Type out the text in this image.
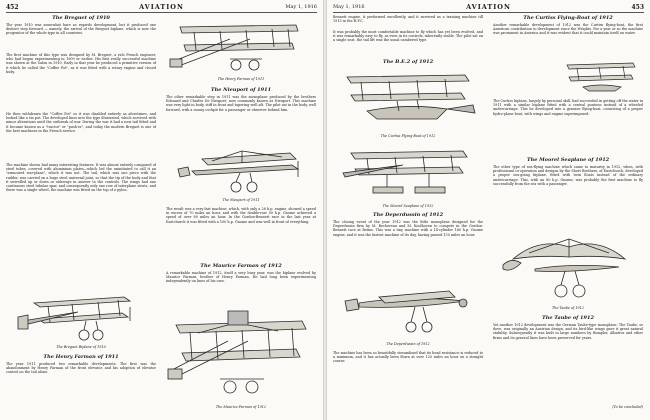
452	AVIATION	May 1, 1916
The Breguet of 1910

The year 1910 was somewhat bare as regards development, but it produced one distinct step forward — namely, the arrival of the Breguet biplane, which is now the progenitor of the whole type in all countries.

The first machine of this type was designed by M. Breguet, a rich French engineer, who had begun experimenting in 1909 or earlier. His first really successful machine was shown at the Salon in 1910. Early in that year he produced a primitive version of it which he called the "Coffee Pot", as it was fitted with a rotary engine and closed body.

He then withdrawn the "Coffee Pot" so it was disabled entirely as aforetimes, and looked like a tin pot. The developed lines into the type illustrated, which survived with minor alterations until the outbreak of war. During the war it had a new tail fitted and it became known as a "tractor" or "push-er", and today the modern Breguet is one of the best machines in the French service.

The machine shown had many interesting features. It was almost entirely composed of steel tubes, covered with aluminium plates—which led the uninitiated to call it an "armoured war-plane", which it was not. The tail, which was one piece with the rudder, was carried on a huge steel universal joint, so that the tip of the body and that it swivelled up or down or sideways in answer to the controls. The wings had one continuous steel tubular spar, and consequently only one row of interplane struts, and there was a single wheel, the machine was fitted on the top of a pylon.

The Breguet Biplane of 1910
The Henry Farman of 1911

The year 1911 produced two remarkable developments. The first was the abandonment by Henry Farman of the front elevator, and his adoption of elevator control on the tail alone.

The Henry Farman of 1911
The Nieuport of 1911

The other remarkable step in 1911 was the monoplane produced by the brothers Edouard and Charles De Nieuport, now commonly known as Nieuport. This machine was very light in body, stiff in front and tapering well aft. The pilot sat in the body, well forward, with a roomy cockpit for a passenger or observer behind him.

The Nieuport of 1911

The result was a very fast machine, which, with only a 28 h.p. engine, showed a speed in excess of 70 miles an hour, and with the double-row 50 h.p. Gnome achieved a speed of over 80 miles an hour. In the Gordon-Bennett race in the last year at Eastchurch it was fitted with a 100 h.p. Gnome and was well in front of everything.

The Maurice Farman of 1912

A remarkable machine of 1912, itself a very busy year, was the biplane evolved by Maurice Farman, brother of Henry Farman. He had long been experimenting independently on lines of his own.

The Maurice Farman of 1912
May 1, 1916	AVIATION	453

Bennett engine, it performed excellently, and it survived as a training machine till 1915 in the R.F.C.

It was probably the most comfortable machine to fly which has yet been evolved, and it was remarkably easy to fly, as even in its controls, inherently stable. The pilot sat on a single seat, the tail lift was the usual cambered type.

The B.E.2 of 1912
The Curtiss Flying-Boat of 1912
The Moorel Seaplane of 1912
The Deperdussin of 1912

The closing event of the year 1912 was the little monoplane designed for the Deperdussin firm by M. Bechereau and M. Koolhoven to compete in the Gordon-Bennett race at Reims. This was a tiny machine with a 14-cylinder 160 h.p. Gnome engine, and it was the fastest machine of its day, having passed 130 miles an hour.

The Deperdussin of 1912

The machine has been so beautifully streamlined that its head resistance is reduced to a minimum, and it has actually been flown at over 120 miles an hour on a straight course.

The Curtiss Flying-Boat of 1912

Another remarkable development of 1912 was the Curtiss flying-boat, the first American contribution to development since the Wrights. For a year or so the machine was prominent in America and it was evident that it could maintain itself on water.

The Curtiss biplane, largely by personal skill, had succeeded in getting off the water in 1911 with a similar biplane fitted with a central pontoon instead of a wheeled undercarriage. This he developed into a genuine flying-boat, consisting of a proper hydro-plane boat, with wings and engine superimposed.

The Moorel Seaplane of 1912

The other type of sea-flying machine which came to maturity in 1912, when, with professional co-operation and designs by the Short Brothers, of Eastchurch, developed a proper sea-going biplane, fitted with twin floats instead of the ordinary undercarriage. This, with an 80 h.p. Gnome, was probably the first machine to fly successfully from the sea with a passenger.

The Taube of 1912
The Taube of 1912

Yet another 1912 development was the German Taube-type monoplane. The Taube, or dove, was originally an Austrian design, and its bird-like wings gave it great natural stability. Subsequently it was built in large numbers by Rumpler, Albatros and other firms and its general lines have been preserved for years.

(To be concluded)
